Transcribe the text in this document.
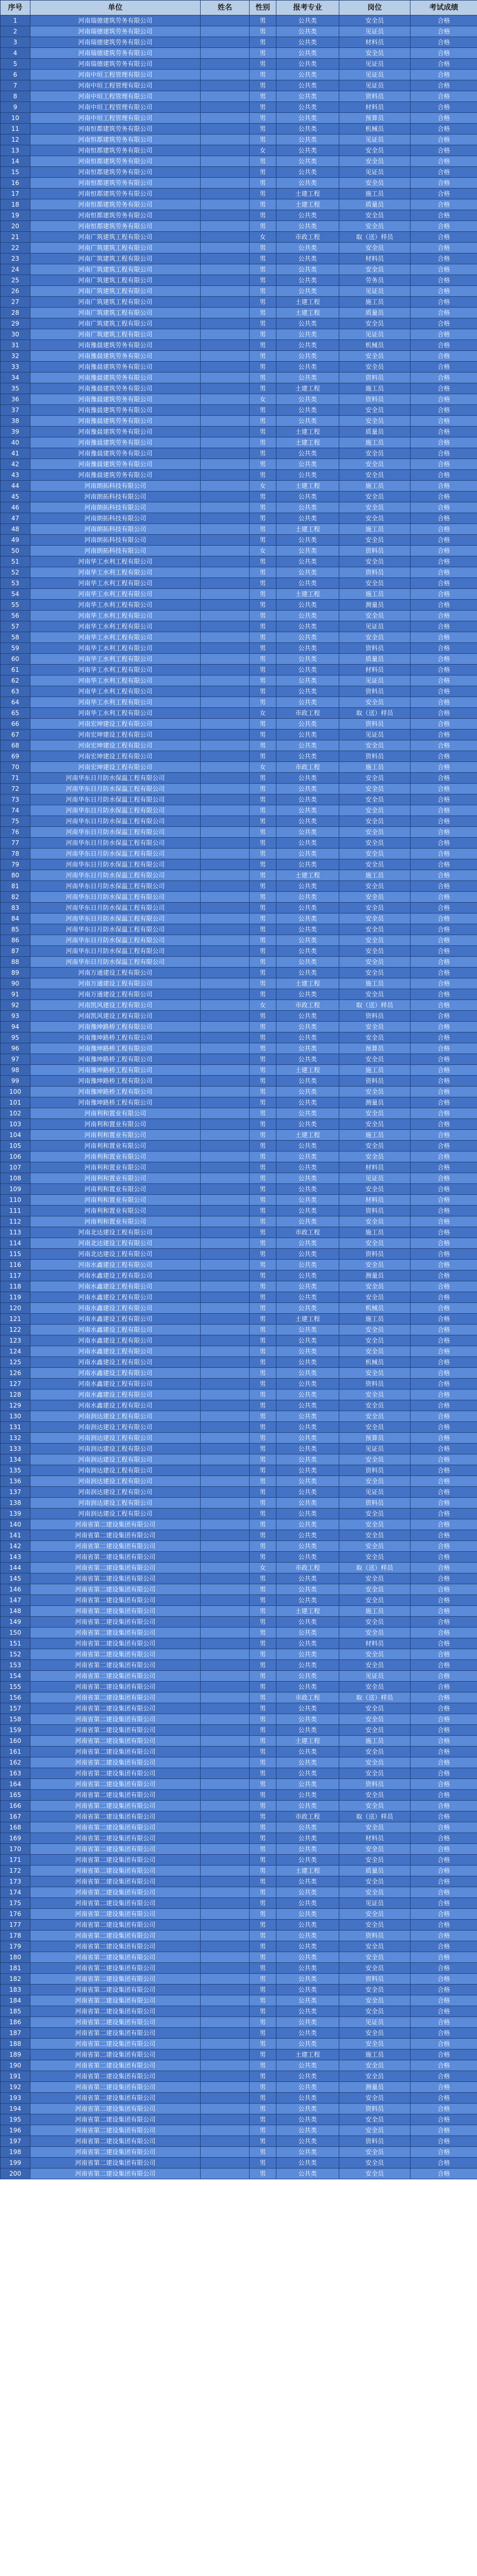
序号	单位	姓名	性别	报考专业	岗位	考试成绩
1	河南瑞德建筑劳务有限公司		男	公共类	安全员	合格
2	河南瑞德建筑劳务有限公司		男	公共类	见证员	合格
3	河南瑞德建筑劳务有限公司		男	公共类	材料员	合格
4	河南瑞德建筑劳务有限公司		男	公共类	安全员	合格
5	河南瑞德建筑劳务有限公司		男	公共类	见证员	合格
6	河南中垣工程管理有限公司		男	公共类	见证员	合格
7	河南中垣工程管理有限公司		男	公共类	见证员	合格
8	河南中垣工程管理有限公司		男	公共类	资料员	合格
9	河南中垣工程管理有限公司		男	公共类	材料员	合格
10	河南中垣工程管理有限公司		男	公共类	预算员	合格
11	河南恒都建筑劳务有限公司		男	公共类	机械员	合格
12	河南恒都建筑劳务有限公司		男	公共类	见证员	合格
13	河南恒都建筑劳务有限公司		女	公共类	安全员	合格
14	河南恒都建筑劳务有限公司		男	公共类	安全员	合格
15	河南恒都建筑劳务有限公司		男	公共类	见证员	合格
16	河南恒都建筑劳务有限公司		男	公共类	安全员	合格
17	河南恒都建筑劳务有限公司		男	土建工程	施工员	合格
18	河南恒都建筑劳务有限公司		男	土建工程	质量员	合格
19	河南恒都建筑劳务有限公司		男	公共类	安全员	合格
20	河南恒都建筑劳务有限公司		男	公共类	安全员	合格
21	河南广筑建筑工程有限公司		女	市政工程	取（送）样员	合格
22	河南广筑建筑工程有限公司		男	公共类	安全员	合格
23	河南广筑建筑工程有限公司		男	公共类	材料员	合格
24	河南广筑建筑工程有限公司		男	公共类	安全员	合格
25	河南广筑建筑工程有限公司		男	公共类	劳务员	合格
26	河南广筑建筑工程有限公司		男	公共类	见证员	合格
27	河南广筑建筑工程有限公司		男	土建工程	施工员	合格
28	河南广筑建筑工程有限公司		男	土建工程	质量员	合格
29	河南广筑建筑工程有限公司		男	公共类	安全员	合格
30	河南广筑建筑工程有限公司		男	公共类	见证员	合格
31	河南豫晨建筑劳务有限公司		男	公共类	机械员	合格
32	河南豫晨建筑劳务有限公司		男	公共类	安全员	合格
33	河南豫晨建筑劳务有限公司		男	公共类	安全员	合格
34	河南豫晨建筑劳务有限公司		男	公共类	资料员	合格
35	河南豫晨建筑劳务有限公司		男	土建工程	施工员	合格
36	河南豫晨建筑劳务有限公司		女	公共类	资料员	合格
37	河南豫晨建筑劳务有限公司		男	公共类	安全员	合格
38	河南豫晨建筑劳务有限公司		男	公共类	安全员	合格
39	河南豫晨建筑劳务有限公司		男	土建工程	质量员	合格
40	河南豫晨建筑劳务有限公司		男	土建工程	施工员	合格
41	河南豫晨建筑劳务有限公司		男	公共类	安全员	合格
42	河南豫晨建筑劳务有限公司		男	公共类	安全员	合格
43	河南豫晨建筑劳务有限公司		男	公共类	安全员	合格
44	河南朗拓科技有限公司		女	土建工程	施工员	合格
45	河南朗拓科技有限公司		男	公共类	安全员	合格
46	河南朗拓科技有限公司		男	公共类	安全员	合格
47	河南朗拓科技有限公司		男	公共类	安全员	合格
48	河南朗拓科技有限公司		男	土建工程	施工员	合格
49	河南朗拓科技有限公司		男	公共类	安全员	合格
50	河南朗拓科技有限公司		女	公共类	资料员	合格
51	河南华工水利工程有限公司		男	公共类	安全员	合格
52	河南华工水利工程有限公司		男	公共类	资料员	合格
53	河南华工水利工程有限公司		男	公共类	安全员	合格
54	河南华工水利工程有限公司		男	土建工程	施工员	合格
55	河南华工水利工程有限公司		男	公共类	测量员	合格
56	河南华工水利工程有限公司		男	公共类	安全员	合格
57	河南华工水利工程有限公司		男	公共类	见证员	合格
58	河南华工水利工程有限公司		男	公共类	安全员	合格
59	河南华工水利工程有限公司		男	公共类	资料员	合格
60	河南华工水利工程有限公司		男	公共类	质量员	合格
61	河南华工水利工程有限公司		男	公共类	材料员	合格
62	河南华工水利工程有限公司		男	公共类	见证员	合格
63	河南华工水利工程有限公司		男	公共类	资料员	合格
64	河南华工水利工程有限公司		男	公共类	安全员	合格
65	河南华工水利工程有限公司		女	市政工程	取（送）样员	合格
66	河南宏坤建设工程有限公司		男	公共类	资料员	合格
67	河南宏坤建设工程有限公司		男	公共类	见证员	合格
68	河南宏坤建设工程有限公司		男	公共类	安全员	合格
69	河南宏坤建设工程有限公司		男	公共类	资料员	合格
70	河南宏坤建设工程有限公司		女	市政工程	施工员	合格
71	河南华东日月防水保温工程有限公司		男	公共类	安全员	合格
72	河南华东日月防水保温工程有限公司		男	公共类	安全员	合格
73	河南华东日月防水保温工程有限公司		男	公共类	安全员	合格
74	河南华东日月防水保温工程有限公司		男	公共类	安全员	合格
75	河南华东日月防水保温工程有限公司		男	公共类	安全员	合格
76	河南华东日月防水保温工程有限公司		男	公共类	安全员	合格
77	河南华东日月防水保温工程有限公司		男	公共类	安全员	合格
78	河南华东日月防水保温工程有限公司		男	公共类	安全员	合格
79	河南华东日月防水保温工程有限公司		男	公共类	安全员	合格
80	河南华东日月防水保温工程有限公司		男	土建工程	施工员	合格
81	河南华东日月防水保温工程有限公司		男	公共类	安全员	合格
82	河南华东日月防水保温工程有限公司		男	公共类	安全员	合格
83	河南华东日月防水保温工程有限公司		男	公共类	安全员	合格
84	河南华东日月防水保温工程有限公司		男	公共类	安全员	合格
85	河南华东日月防水保温工程有限公司		男	公共类	安全员	合格
86	河南华东日月防水保温工程有限公司		男	公共类	安全员	合格
87	河南华东日月防水保温工程有限公司		男	公共类	安全员	合格
88	河南华东日月防水保温工程有限公司		男	公共类	安全员	合格
89	河南万通建设工程有限公司		男	公共类	安全员	合格
90	河南万通建设工程有限公司		男	土建工程	施工员	合格
91	河南万通建设工程有限公司		男	公共类	安全员	合格
92	河南凯风建设工程有限公司		女	市政工程	取（送）样员	合格
93	河南凯风建设工程有限公司		男	公共类	资料员	合格
94	河南豫坤路桥工程有限公司		男	公共类	安全员	合格
95	河南豫坤路桥工程有限公司		男	公共类	安全员	合格
96	河南豫坤路桥工程有限公司		男	公共类	预算员	合格
97	河南豫坤路桥工程有限公司		男	公共类	安全员	合格
98	河南豫坤路桥工程有限公司		男	土建工程	施工员	合格
99	河南豫坤路桥工程有限公司		男	公共类	资料员	合格
100	河南豫坤路桥工程有限公司		男	公共类	安全员	合格
101	河南豫坤路桥工程有限公司		男	公共类	测量员	合格
102	河南利和置业有限公司		男	公共类	安全员	合格
103	河南利和置业有限公司		男	公共类	安全员	合格
104	河南利和置业有限公司		男	土建工程	施工员	合格
105	河南利和置业有限公司		男	公共类	安全员	合格
106	河南利和置业有限公司		男	公共类	安全员	合格
107	河南利和置业有限公司		男	公共类	材料员	合格
108	河南利和置业有限公司		男	公共类	见证员	合格
109	河南利和置业有限公司		男	公共类	安全员	合格
110	河南利和置业有限公司		男	公共类	材料员	合格
111	河南利和置业有限公司		男	公共类	资料员	合格
112	河南利和置业有限公司		男	公共类	安全员	合格
113	河南北达建设工程有限公司		男	市政工程	施工员	合格
114	河南北达建设工程有限公司		男	公共类	安全员	合格
115	河南北达建设工程有限公司		男	公共类	资料员	合格
116	河南水鑫建设工程有限公司		男	公共类	安全员	合格
117	河南水鑫建设工程有限公司		男	公共类	测量员	合格
118	河南水鑫建设工程有限公司		男	公共类	安全员	合格
119	河南水鑫建设工程有限公司		男	公共类	安全员	合格
120	河南水鑫建设工程有限公司		男	公共类	机械员	合格
121	河南水鑫建设工程有限公司		男	土建工程	施工员	合格
122	河南水鑫建设工程有限公司		男	公共类	安全员	合格
123	河南水鑫建设工程有限公司		男	公共类	安全员	合格
124	河南水鑫建设工程有限公司		男	公共类	安全员	合格
125	河南水鑫建设工程有限公司		男	公共类	机械员	合格
126	河南水鑫建设工程有限公司		男	公共类	安全员	合格
127	河南水鑫建设工程有限公司		男	公共类	资料员	合格
128	河南水鑫建设工程有限公司		男	公共类	安全员	合格
129	河南水鑫建设工程有限公司		男	公共类	安全员	合格
130	河南润达建设工程有限公司		男	公共类	安全员	合格
131	河南润达建设工程有限公司		男	公共类	安全员	合格
132	河南润达建设工程有限公司		男	公共类	预算员	合格
133	河南润达建设工程有限公司		男	公共类	见证员	合格
134	河南润达建设工程有限公司		男	公共类	安全员	合格
135	河南润达建设工程有限公司		男	公共类	资料员	合格
136	河南润达建设工程有限公司		男	公共类	安全员	合格
137	河南润达建设工程有限公司		男	公共类	见证员	合格
138	河南润达建设工程有限公司		男	公共类	资料员	合格
139	河南润达建设工程有限公司		男	公共类	安全员	合格
140	河南省第二建设集团有限公司		男	公共类	安全员	合格
141	河南省第二建设集团有限公司		男	公共类	安全员	合格
142	河南省第二建设集团有限公司		男	公共类	安全员	合格
143	河南省第二建设集团有限公司		男	公共类	安全员	合格
144	河南省第二建设集团有限公司		女	市政工程	取（送）样员	合格
145	河南省第二建设集团有限公司		男	公共类	安全员	合格
146	河南省第二建设集团有限公司		男	公共类	安全员	合格
147	河南省第二建设集团有限公司		男	公共类	安全员	合格
148	河南省第二建设集团有限公司		男	土建工程	施工员	合格
149	河南省第二建设集团有限公司		男	公共类	安全员	合格
150	河南省第二建设集团有限公司		男	公共类	安全员	合格
151	河南省第二建设集团有限公司		男	公共类	材料员	合格
152	河南省第二建设集团有限公司		男	公共类	安全员	合格
153	河南省第二建设集团有限公司		男	公共类	安全员	合格
154	河南省第二建设集团有限公司		男	公共类	见证员	合格
155	河南省第二建设集团有限公司		男	公共类	安全员	合格
156	河南省第二建设集团有限公司		男	市政工程	取（送）样员	合格
157	河南省第二建设集团有限公司		男	公共类	安全员	合格
158	河南省第二建设集团有限公司		男	公共类	安全员	合格
159	河南省第二建设集团有限公司		男	公共类	安全员	合格
160	河南省第二建设集团有限公司		男	土建工程	施工员	合格
161	河南省第二建设集团有限公司		男	公共类	安全员	合格
162	河南省第二建设集团有限公司		男	公共类	安全员	合格
163	河南省第二建设集团有限公司		男	公共类	安全员	合格
164	河南省第二建设集团有限公司		男	公共类	资料员	合格
165	河南省第二建设集团有限公司		男	公共类	安全员	合格
166	河南省第二建设集团有限公司		男	公共类	安全员	合格
167	河南省第二建设集团有限公司		男	市政工程	取（送）样员	合格
168	河南省第二建设集团有限公司		男	公共类	安全员	合格
169	河南省第二建设集团有限公司		男	公共类	材料员	合格
170	河南省第二建设集团有限公司		男	公共类	安全员	合格
171	河南省第二建设集团有限公司		男	公共类	安全员	合格
172	河南省第二建设集团有限公司		男	土建工程	质量员	合格
173	河南省第二建设集团有限公司		男	公共类	安全员	合格
174	河南省第二建设集团有限公司		男	公共类	安全员	合格
175	河南省第二建设集团有限公司		男	公共类	见证员	合格
176	河南省第二建设集团有限公司		男	公共类	安全员	合格
177	河南省第二建设集团有限公司		男	公共类	安全员	合格
178	河南省第二建设集团有限公司		男	公共类	资料员	合格
179	河南省第二建设集团有限公司		男	公共类	安全员	合格
180	河南省第二建设集团有限公司		男	公共类	安全员	合格
181	河南省第二建设集团有限公司		男	公共类	安全员	合格
182	河南省第二建设集团有限公司		男	公共类	资料员	合格
183	河南省第二建设集团有限公司		男	公共类	安全员	合格
184	河南省第二建设集团有限公司		男	公共类	安全员	合格
185	河南省第二建设集团有限公司		男	公共类	安全员	合格
186	河南省第二建设集团有限公司		男	公共类	见证员	合格
187	河南省第二建设集团有限公司		男	公共类	安全员	合格
188	河南省第二建设集团有限公司		男	公共类	安全员	合格
189	河南省第二建设集团有限公司		男	土建工程	施工员	合格
190	河南省第二建设集团有限公司		男	公共类	安全员	合格
191	河南省第二建设集团有限公司		男	公共类	安全员	合格
192	河南省第二建设集团有限公司		男	公共类	测量员	合格
193	河南省第二建设集团有限公司		男	公共类	安全员	合格
194	河南省第二建设集团有限公司		男	公共类	资料员	合格
195	河南省第二建设集团有限公司		男	公共类	安全员	合格
196	河南省第二建设集团有限公司		男	公共类	安全员	合格
197	河南省第二建设集团有限公司		男	公共类	资料员	合格
198	河南省第二建设集团有限公司		男	公共类	安全员	合格
199	河南省第二建设集团有限公司		男	公共类	安全员	合格
200	河南省第二建设集团有限公司		男	公共类	安全员	合格
